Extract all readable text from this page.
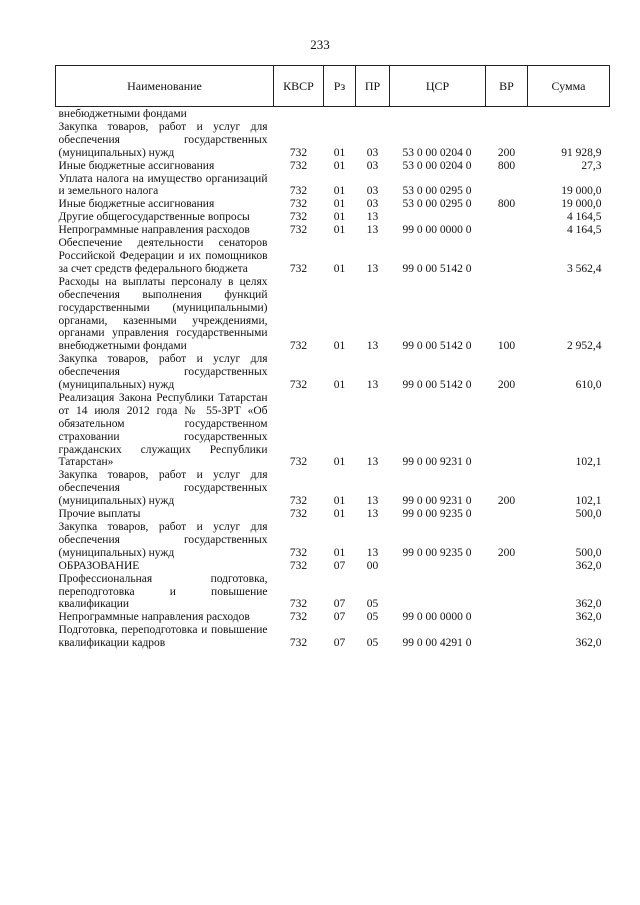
233
Наименование	КВСР	Рз	ПР	ЦСР	ВР	Сумма
внебюджетными фондами						
Закупка товаров, работ и услуг для обеспечения государственных (муниципальных) нужд	732	01	03	53 0 00 0204 0	200	91 928,9
Иные бюджетные ассигнования	732	01	03	53 0 00 0204 0	800	27,3
Уплата налога на имущество организаций и земельного налога	732	01	03	53 0 00 0295 0		19 000,0
Иные бюджетные ассигнования	732	01	03	53 0 00 0295 0	800	19 000,0
Другие общегосударственные вопросы	732	01	13			4 164,5
Непрограммные направления расходов	732	01	13	99 0 00 0000 0		4 164,5
Обеспечение деятельности сенаторов Российской Федерации и их помощников за счет средств федерального бюджета	732	01	13	99 0 00 5142 0		3 562,4
Расходы на выплаты персоналу в целях обеспечения выполнения функций государственными (муниципальными) органами, казенными учреждениями, органами управления государственными внебюджетными фондами	732	01	13	99 0 00 5142 0	100	2 952,4
Закупка товаров, работ и услуг для обеспечения государственных (муниципальных) нужд	732	01	13	99 0 00 5142 0	200	610,0
Реализация Закона Республики Татарстан от 14 июля 2012 года № 55-ЗРТ «Об обязательном государственном страховании государственных гражданских служащих Республики Татарстан»	732	01	13	99 0 00 9231 0		102,1
Закупка товаров, работ и услуг для обеспечения государственных (муниципальных) нужд	732	01	13	99 0 00 9231 0	200	102,1
Прочие выплаты	732	01	13	99 0 00 9235 0		500,0
Закупка товаров, работ и услуг для обеспечения государственных (муниципальных) нужд	732	01	13	99 0 00 9235 0	200	500,0
ОБРАЗОВАНИЕ	732	07	00			362,0
Профессиональная подготовка, переподготовка и повышение квалификации	732	07	05			362,0
Непрограммные направления расходов	732	07	05	99 0 00 0000 0		362,0
Подготовка, переподготовка и повышение квалификации кадров	732	07	05	99 0 00 4291 0		362,0
